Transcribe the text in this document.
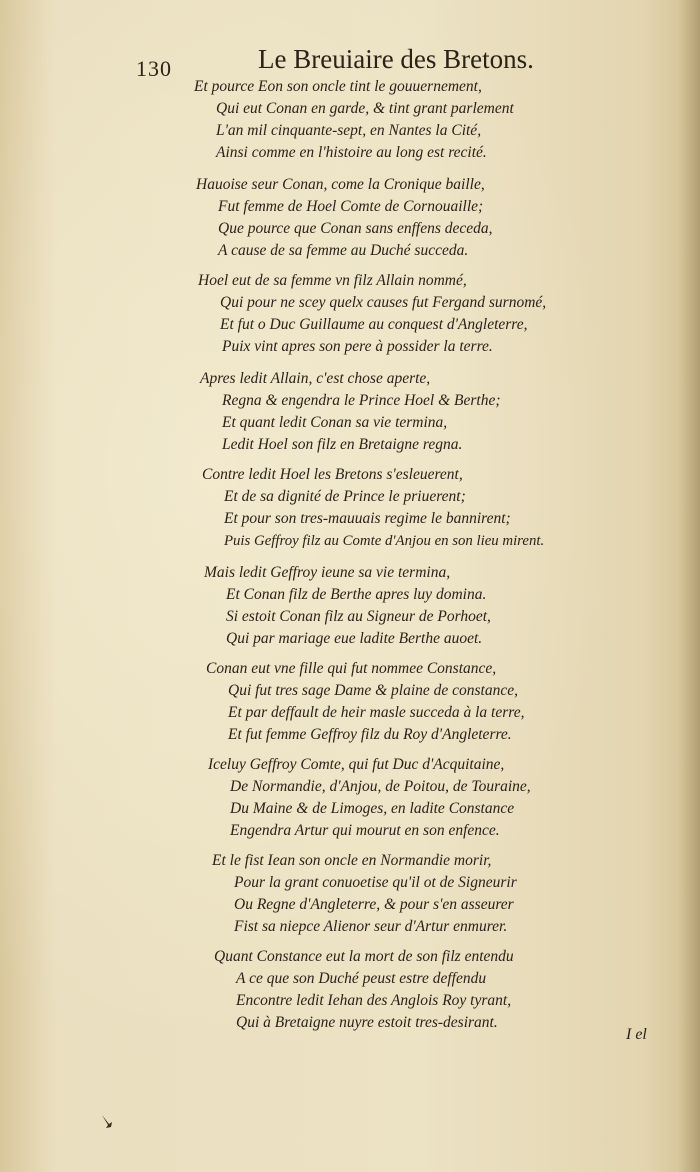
130	Le Breuiaire des Bretons.
Et pource Eon son oncle tint le gouuernement,
Qui eut Conan en garde, & tint grant parlement
L'an mil cinquante-sept, en Nantes la Cité,
Ainsi comme en l'histoire au long est recité.
Hauoise seur Conan, come la Cronique baille,
Fut femme de Hoel Comte de Cornouaille;
Que pource que Conan sans enffens deceda,
A cause de sa femme au Duché succeda.
Hoel eut de sa femme vn filz Allain nommé,
Qui pour ne scey quelx causes fut Fergand surnomé,
Et fut o Duc Guillaume au conquest d'Angleterre,
Puix vint apres son pere à possider la terre.
Apres ledit Allain, c'est chose aperte,
Regna & engendra le Prince Hoel & Berthe;
Et quant ledit Conan sa vie termina,
Ledit Hoel son filz en Bretaigne regna.
Contre ledit Hoel les Bretons s'esleuerent,
Et de sa dignité de Prince le priuerent;
Et pour son tres-mauuais regime le bannirent;
Puis Geffroy filz au Comte d'Anjou en son lieu mirent.
Mais ledit Geffroy ieune sa vie termina,
Et Conan filz de Berthe apres luy domina.
Si estoit Conan filz au Signeur de Porhoet,
Qui par mariage eue ladite Berthe auoet.
Conan eut vne fille qui fut nommee Constance,
Qui fut tres sage Dame & plaine de constance,
Et par deffault de heir masle succeda à la terre,
Et fut femme Geffroy filz du Roy d'Angleterre.
Iceluy Geffroy Comte, qui fut Duc d'Acquitaine,
De Normandie, d'Anjou, de Poitou, de Touraine,
Du Maine & de Limoges, en ladite Constance
Engendra Artur qui mourut en son enfence.
Et le fist Iean son oncle en Normandie morir,
Pour la grant conuoetise qu'il ot de Signeurir
Ou Regne d'Angleterre, & pour s'en asseurer
Fist sa niepce Alienor seur d'Artur enmurer.
Quant Constance eut la mort de son filz entendu
A ce que son Duché peust estre deffendu
Encontre ledit Iehan des Anglois Roy tyrant,
Qui à Bretaigne nuyre estoit tres-desirant.
I el
